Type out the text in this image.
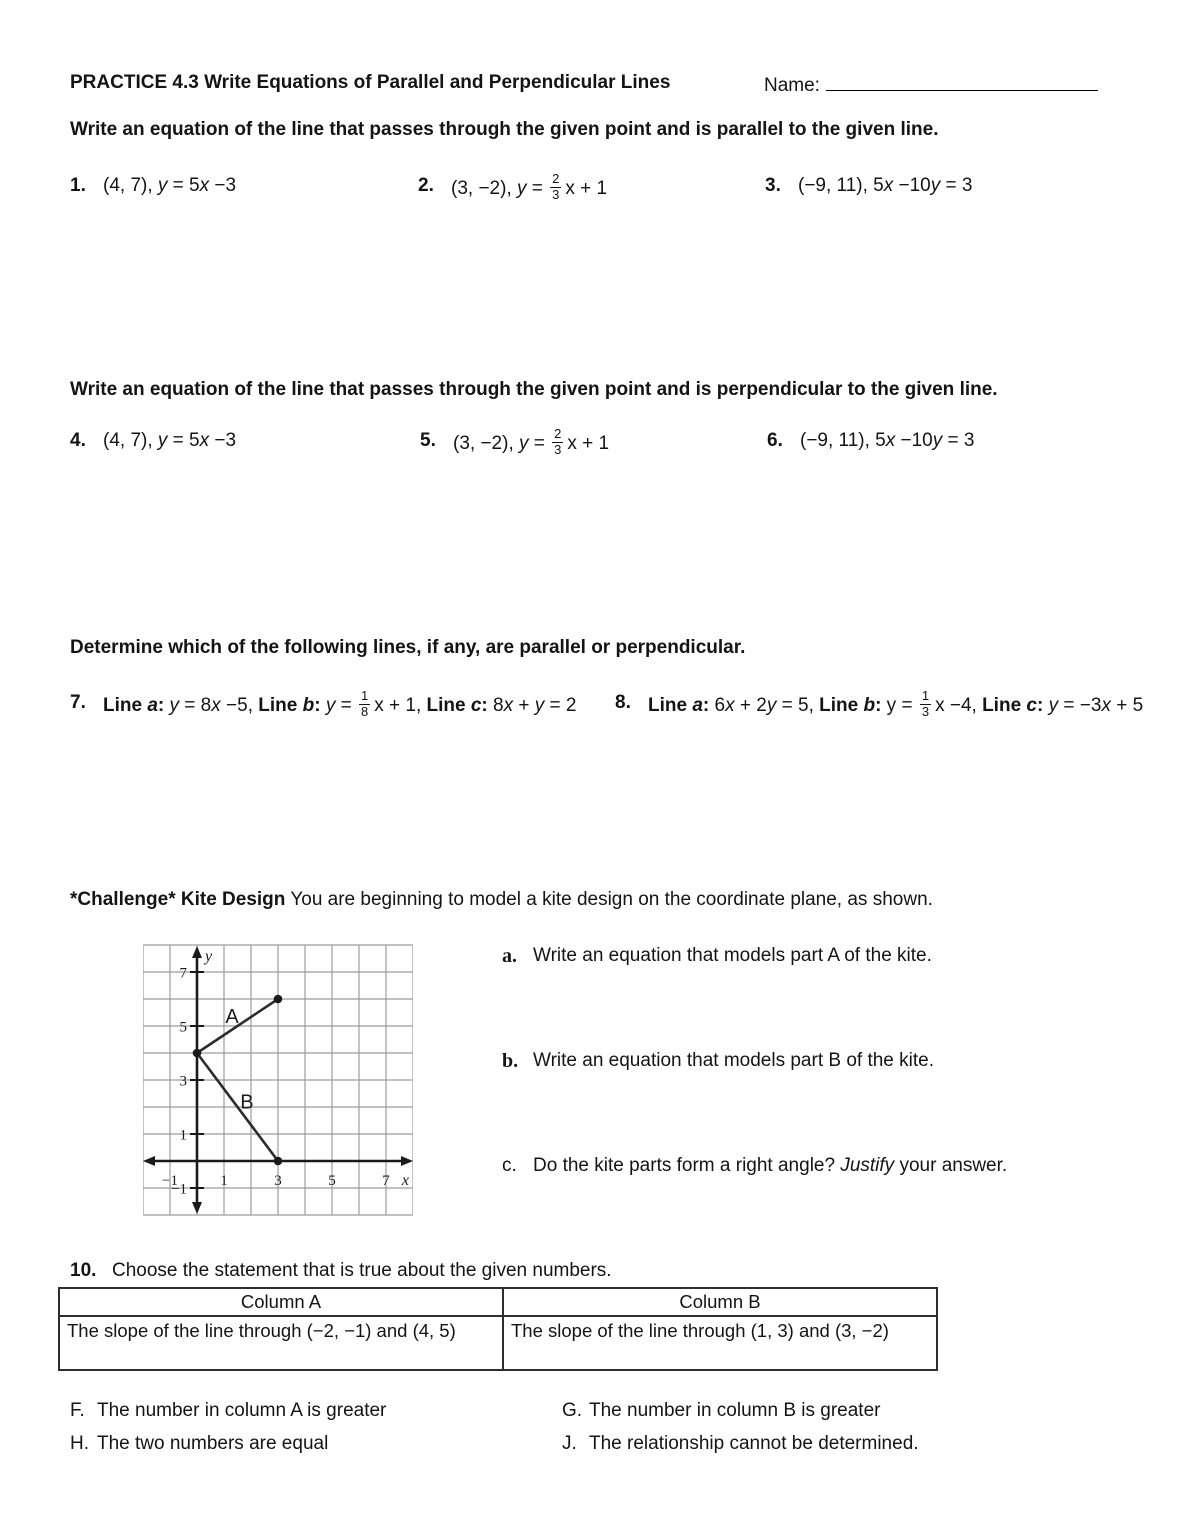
PRACTICE 4.3 Write Equations of Parallel and Perpendicular Lines	Name:
Write an equation of the line that passes through the given point and is parallel to the given line.
1. (4, 7), y = 5x −3	2. (3, −2), $y = \frac{2}{3}$ x + 1	3. (−9, 11), 5x −10y = 3
Write an equation of the line that passes through the given point and is perpendicular to the given line.
4. (4, 7), y = 5x −3	5. (3, −2), $y = \frac{2}{3}$ x + 1	6. (−9, 11), 5x −10y = 3
Determine which of the following lines, if any, are parallel or perpendicular.
7. Line a: y = 8x −5, Line b: $y = \frac{1}{8}$ x + 1, Line c: 8x + y = 2 8. Line a: 6x + 2y = 5, Line b: $y = \frac{1}{3}$ x −4, Line c: y = −3x + 5
*Challenge* Kite Design You are beginning to model a kite design on the coordinate plane, as shown.
−1
1
3
5
7
−1	1	3	5	7 x
y
A
B
a. Write an equation that models part A of the kite.
b. Write an equation that models part B of the kite.
c. Do the kite parts form a right angle? Justify your answer.
10. Choose the statement that is true about the given numbers.
Column A	Column B
The slope of the line through (−2, −1) and (4, 5)	The slope of the line through (1, 3) and (3, −2)
F. The number in column A is greater	G. The number in column B is greater
H. The two numbers are equal	J. The relationship cannot be determined.
